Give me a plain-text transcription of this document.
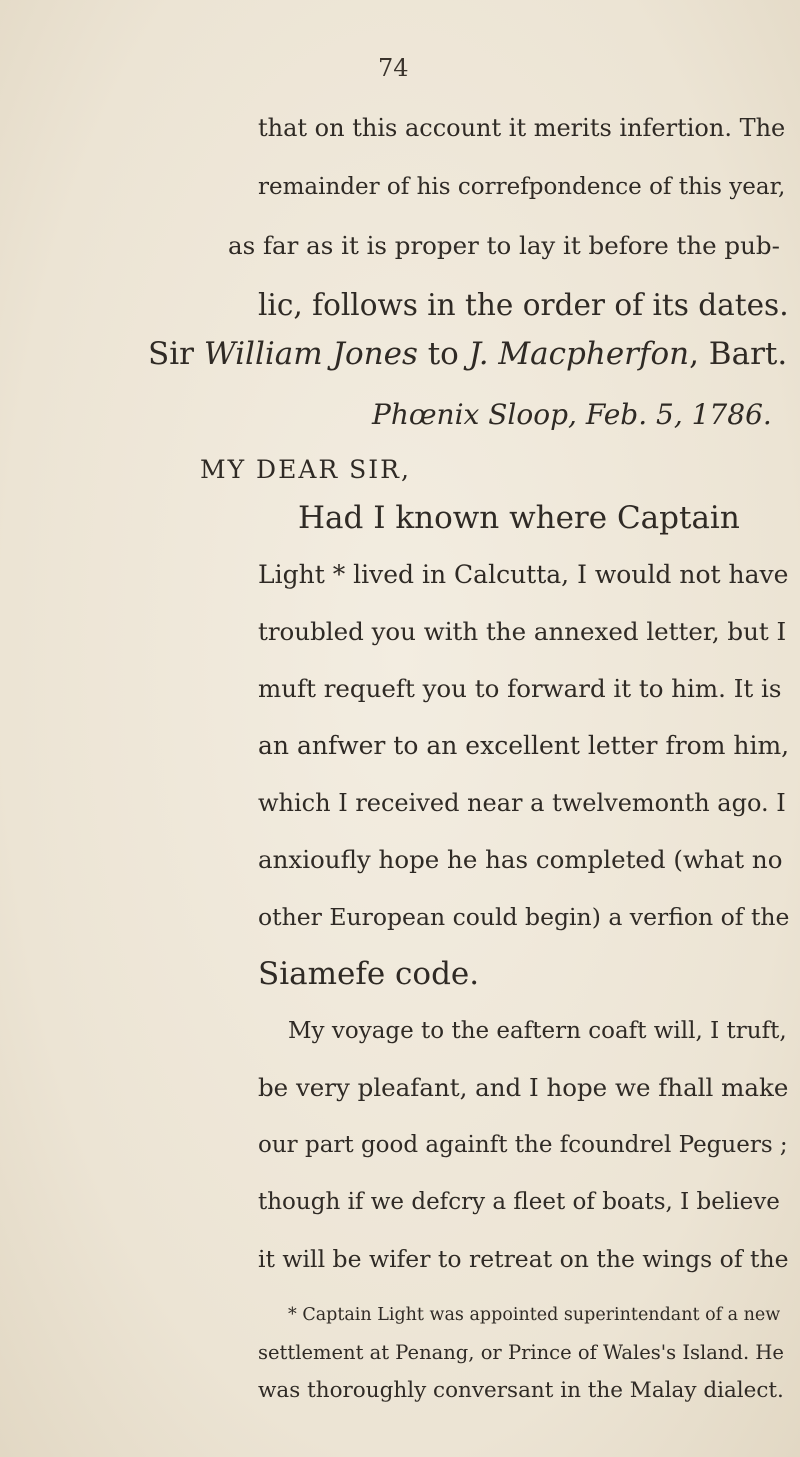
74
that on this account it merits infertion. The
remainder of his correfpondence of this year,
as far as it is proper to lay it before the pub-
lic, follows in the order of its dates.
Sir William Jones to J. Macpherfon, Bart.
Phœnix Sloop, Feb. 5, 1786.
MY DEAR SIR,
Had I known where Captain
Light * lived in Calcutta, I would not have
troubled you with the annexed letter, but I
muft requeft you to forward it to him. It is
an anfwer to an excellent letter from him,
which I received near a twelvemonth ago. I
anxioufly hope he has completed (what no
other European could begin) a verfion of the
Siamefe code.
My voyage to the eaftern coaft will, I truft,
be very pleafant, and I hope we fhall make
our part good againft the fcoundrel Peguers ;
though if we defcry a fleet of boats, I believe
it will be wifer to retreat on the wings of the
* Captain Light was appointed superintendant of a new
settlement at Penang, or Prince of Wales's Island. He
was thoroughly conversant in the Malay dialect.
